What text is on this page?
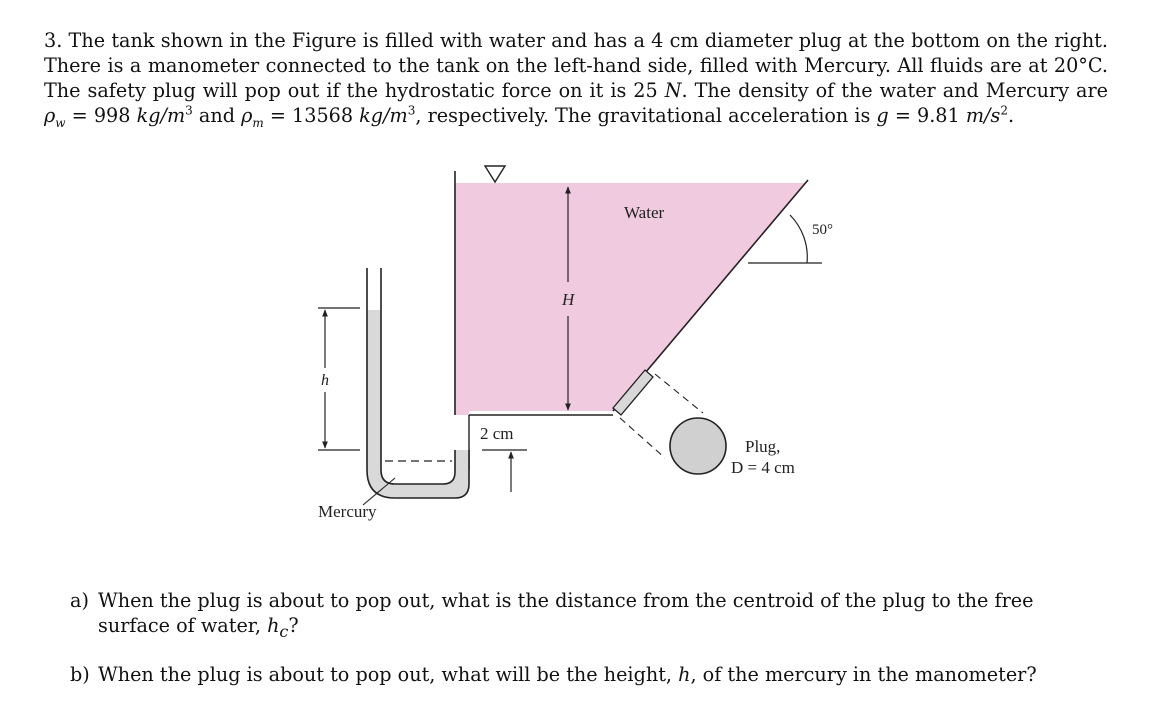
3. The tank shown in the Figure is filled with water and has a 4 cm diameter plug at the bottom on the right. There is a manometer connected to the tank on the left-hand side, filled with Mercury. All fluids are at 20°C. The safety plug will pop out if the hydrostatic force on it is 25 N. The density of the water and Mercury are $\rho_w = 998$ $kg/m^3$ and $\rho_m = 13568$ $kg/m^3$, respectively. The gravitational acceleration is g = 9.81 $m/s^2$.

50°
Water
H
Plug,
D = 4 cm
h
2 cm
Mercury
a) When the plug is about to pop out, what is the distance from the centroid of the plug to the free surface of water, $h_c$?
b) When the plug is about to pop out, what will be the height, h, of the mercury in the manometer?
